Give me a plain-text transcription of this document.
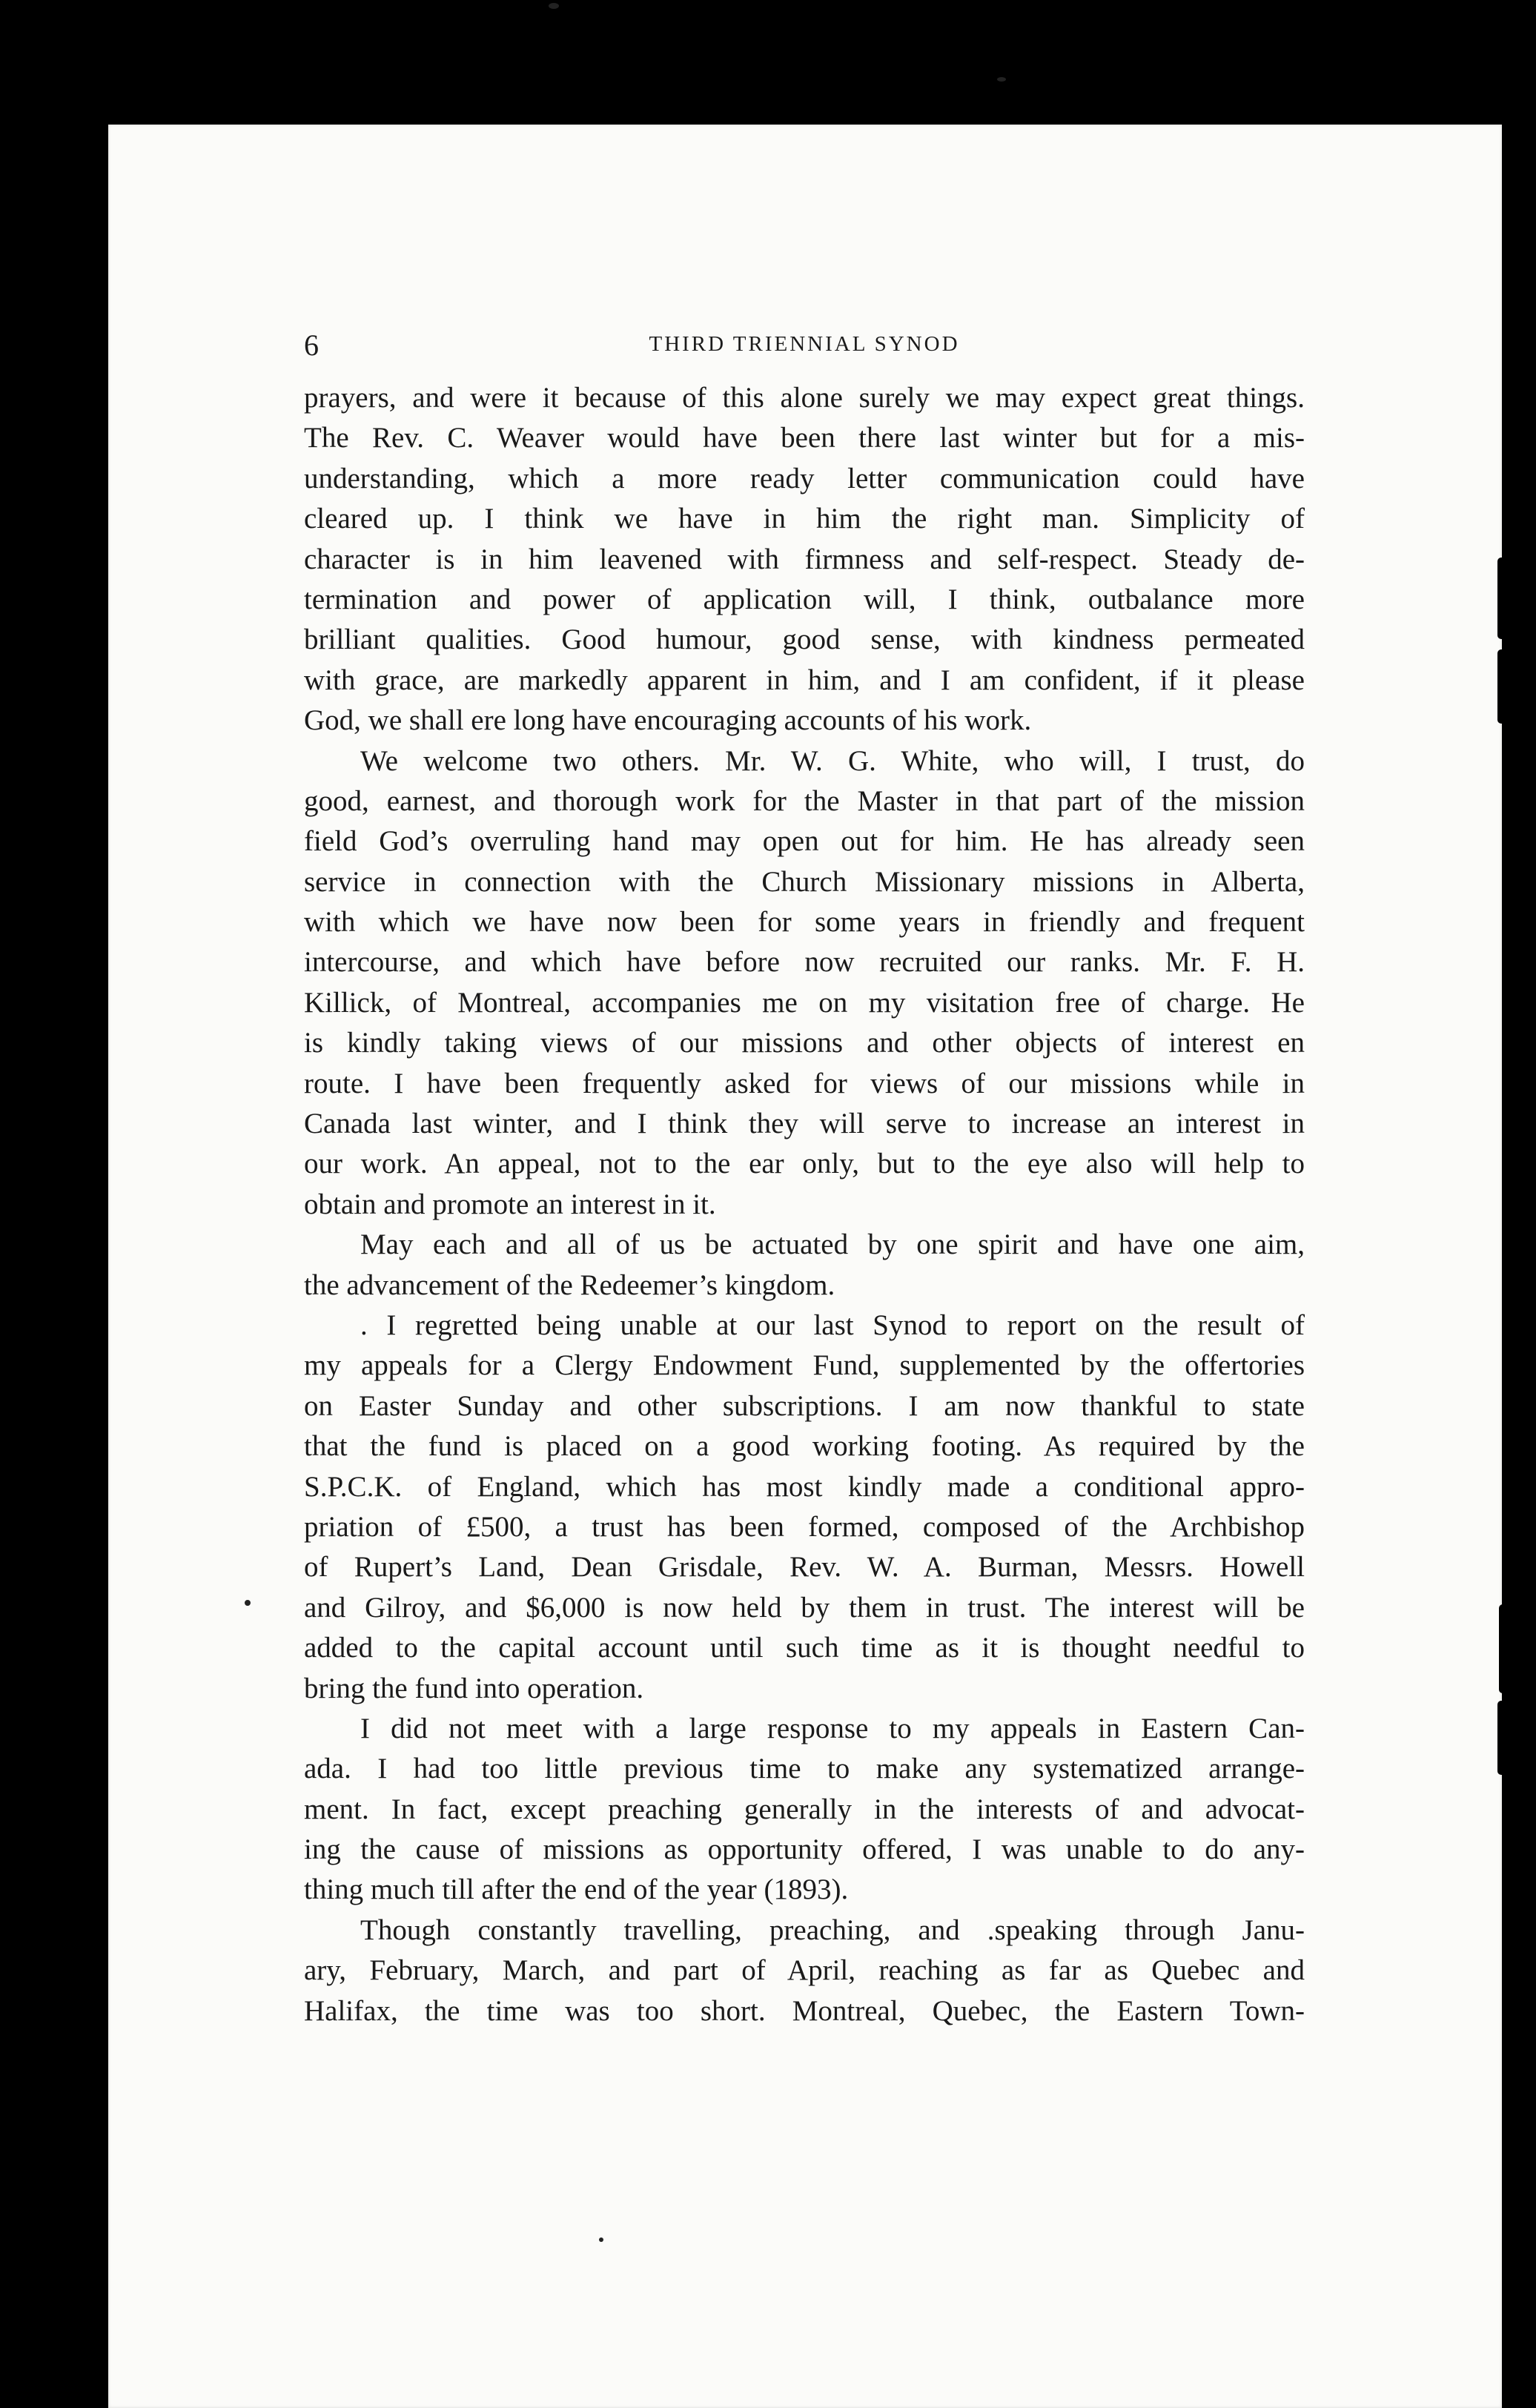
6	THIRD TRIENNIAL SYNOD
prayers, and were it because of this alone surely we may expect great things.
The Rev. C. Weaver would have been there last winter but for a mis-
understanding, which a more ready letter communication could have
cleared up. I think we have in him the right man. Simplicity of
character is in him leavened with firmness and self-respect. Steady de-
termination and power of application will, I think, outbalance more
brilliant qualities. Good humour, good sense, with kindness permeated
with grace, are markedly apparent in him, and I am confident, if it please
God, we shall ere long have encouraging accounts of his work.
We welcome two others. Mr. W. G. White, who will, I trust, do
good, earnest, and thorough work for the Master in that part of the mission
field God’s overruling hand may open out for him. He has already seen
service in connection with the Church Missionary missions in Alberta,
with which we have now been for some years in friendly and frequent
intercourse, and which have before now recruited our ranks. Mr. F. H.
Killick, of Montreal, accompanies me on my visitation free of charge. He
is kindly taking views of our missions and other objects of interest en
route. I have been frequently asked for views of our missions while in
Canada last winter, and I think they will serve to increase an interest in
our work. An appeal, not to the ear only, but to the eye also will help to
obtain and promote an interest in it.
May each and all of us be actuated by one spirit and have one aim,
the advancement of the Redeemer’s kingdom.
. I regretted being unable at our last Synod to report on the result of
my appeals for a Clergy Endowment Fund, supplemented by the offertories
on Easter Sunday and other subscriptions. I am now thankful to state
that the fund is placed on a good working footing. As required by the
S.P.C.K. of England, which has most kindly made a conditional appro-
priation of £500, a trust has been formed, composed of the Archbishop
of Rupert’s Land, Dean Grisdale, Rev. W. A. Burman, Messrs. Howell
and Gilroy, and $6,000 is now held by them in trust. The interest will be
added to the capital account until such time as it is thought needful to
bring the fund into operation.
I did not meet with a large response to my appeals in Eastern Can-
ada. I had too little previous time to make any systematized arrange-
ment. In fact, except preaching generally in the interests of and advocat-
ing the cause of missions as opportunity offered, I was unable to do any-
thing much till after the end of the year (1893).
Though constantly travelling, preaching, and .speaking through Janu-
ary, February, March, and part of April, reaching as far as Quebec and
Halifax, the time was too short. Montreal, Quebec, the Eastern Town-
